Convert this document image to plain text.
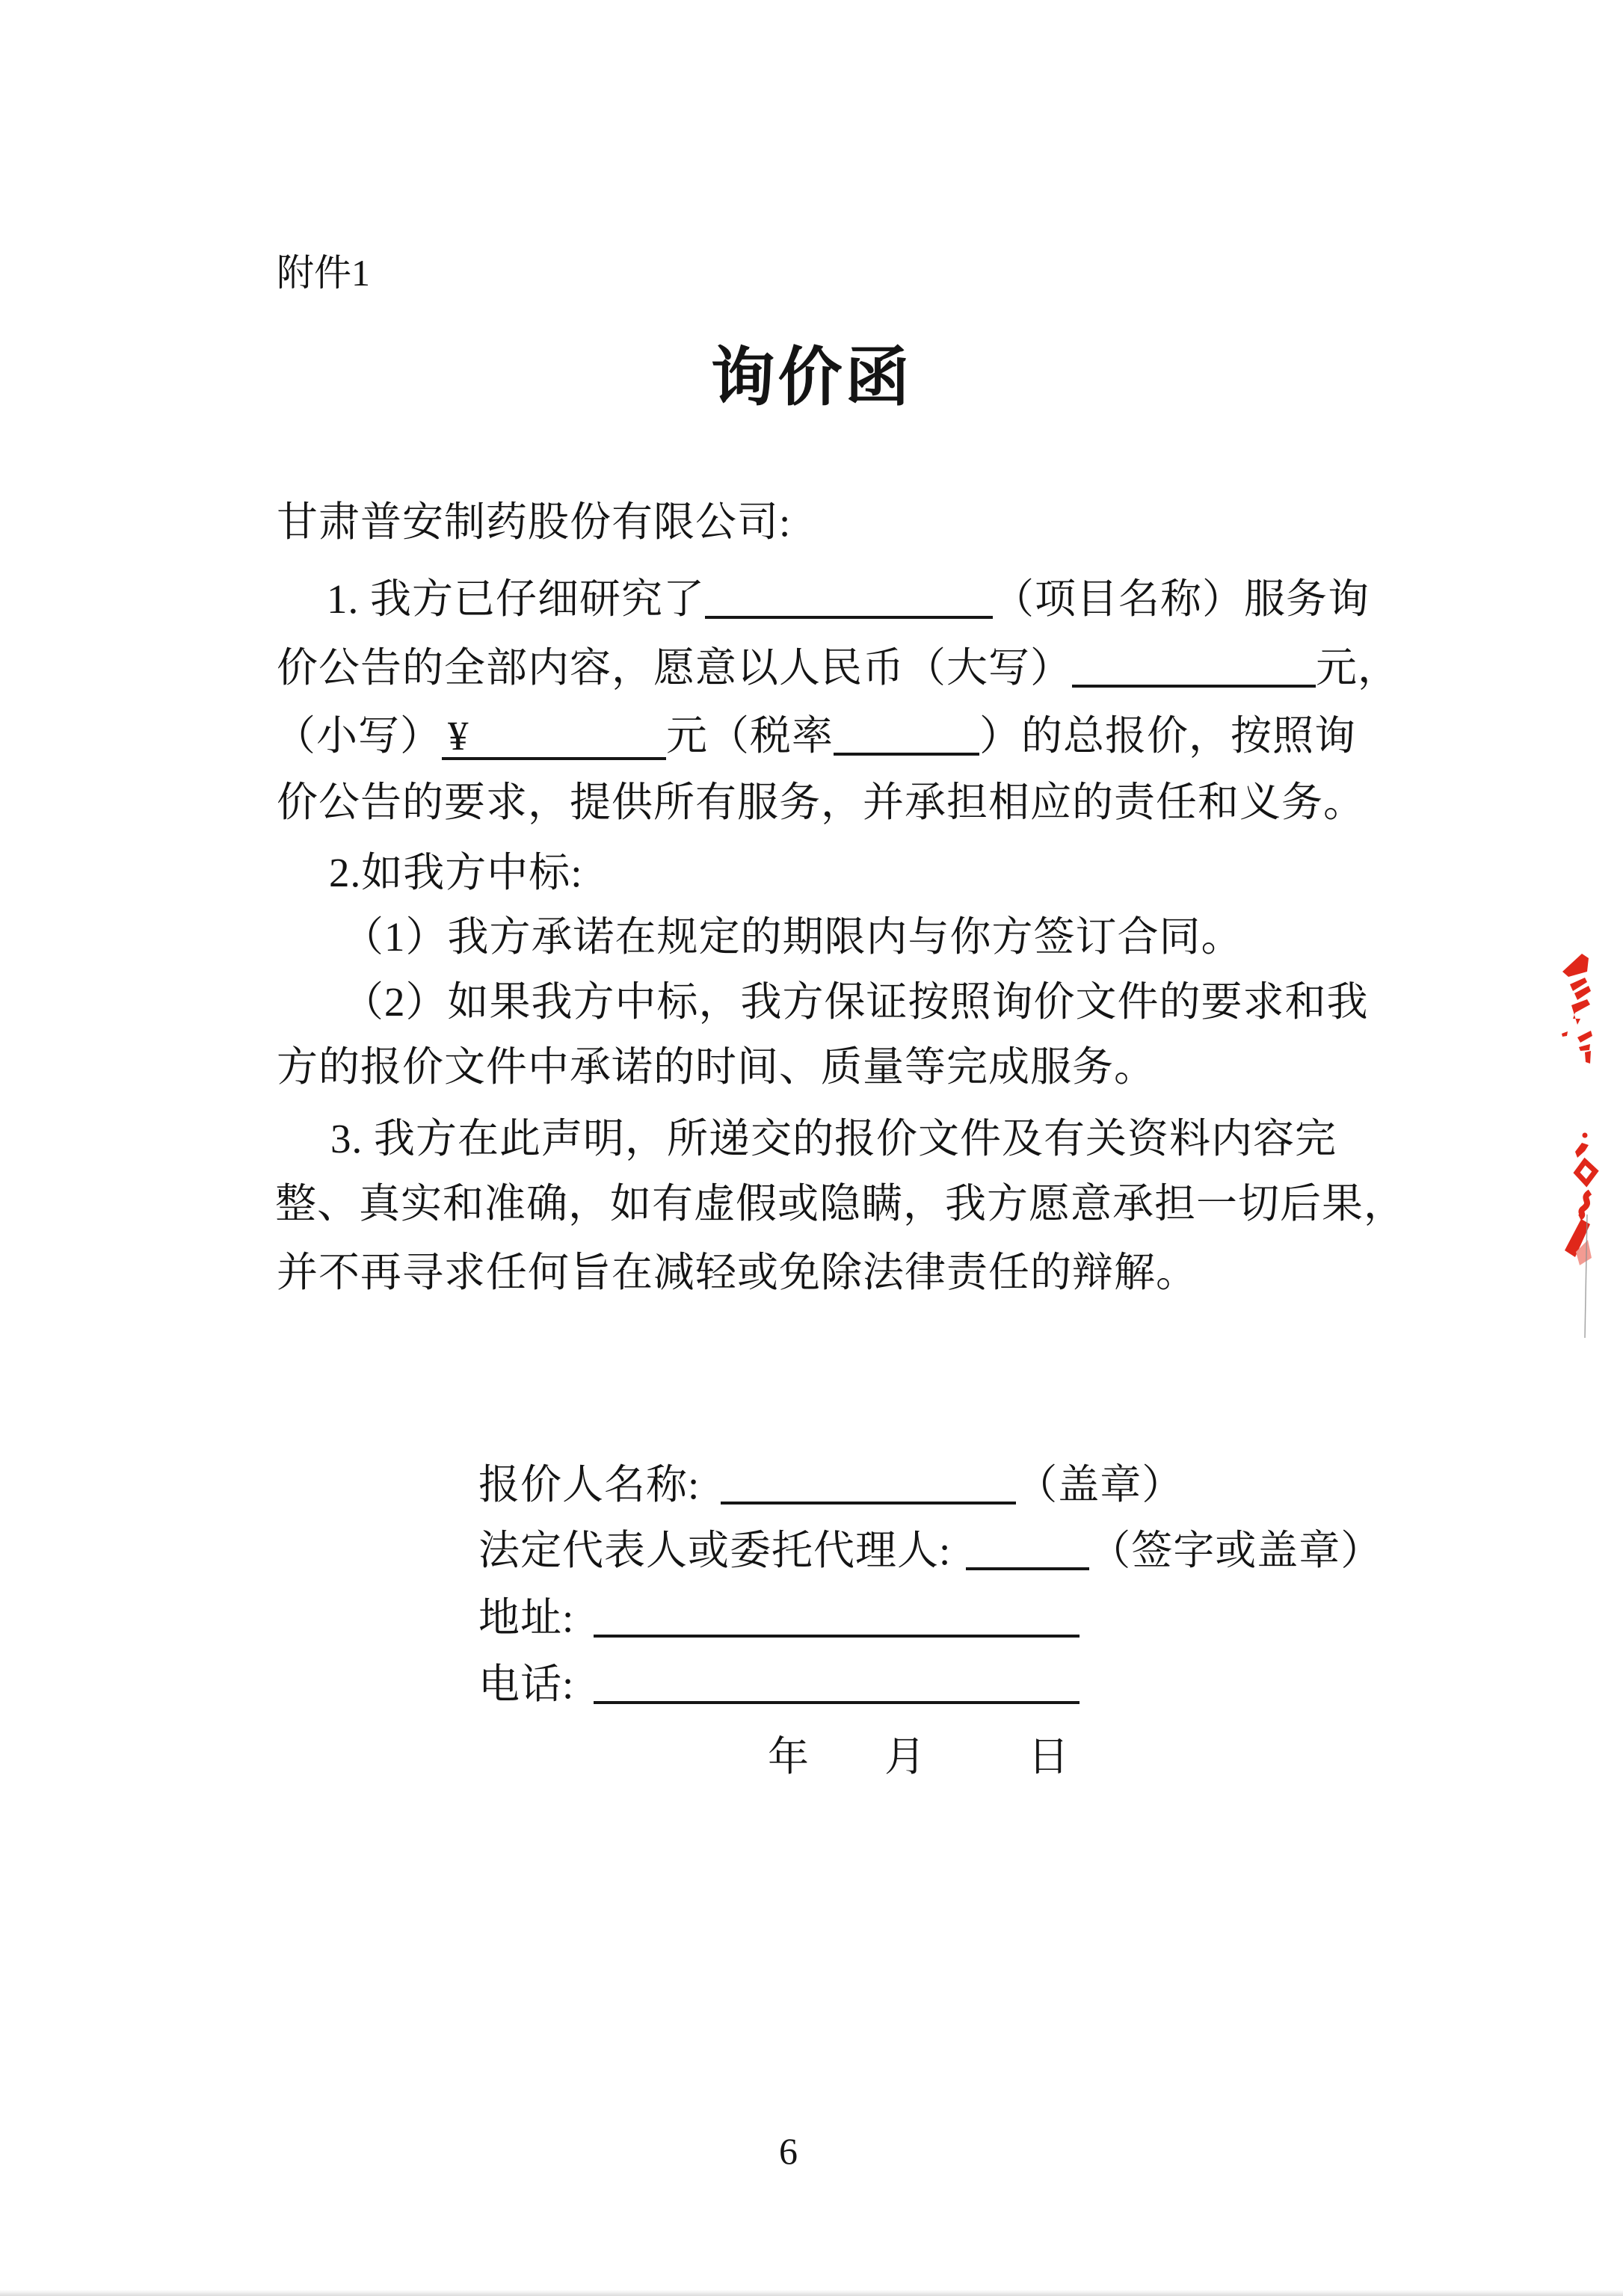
附件1
询价函
甘肃普安制药股份有限公司:
1. 我方已仔细研究了	（项目名称）服务询
价公告的全部内容，愿意以人民币（大写）	元，
（小写） ¥	元（税率	）的总报价，按照询
价公告的要求，提供所有服务，并承担相应的责任和义务。
2.如我方中标:
（1）我方承诺在规定的期限内与你方签订合同。
（2）如果我方中标，我方保证按照询价文件的要求和我
方的报价文件中承诺的时间、质量等完成服务。
3. 我方在此声明，所递交的报价文件及有关资料内容完
整、真实和准确，如有虚假或隐瞒，我方愿意承担一切后果，
并不再寻求任何旨在减轻或免除法律责任的辩解。
报价人名称:	（盖章）
法定代表人或委托代理人:	（签字或盖章）
地址:
电话:
年 月 日
6
